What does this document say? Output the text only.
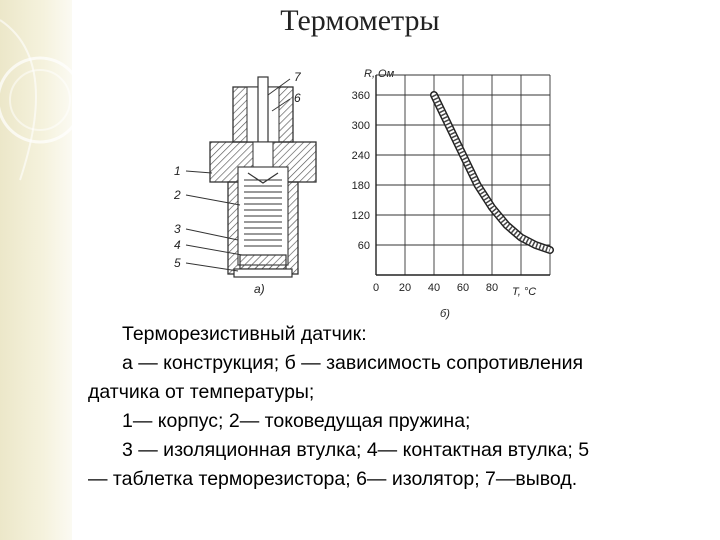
Термометры
7
6
1
2
3
4
5
а)
R, Ом
T, °C
б)
0 20 40 60 80
60
120
180
240
300
360

Терморезистивный датчик:

а — конструкция; б — зависимость сопротивления

датчика от температуры;

1— корпус; 2— токоведущая пружина;

3 — изоляционная втулка; 4— контактная втулка; 5

— таблетка терморезистора; 6— изолятор; 7—вывод.
